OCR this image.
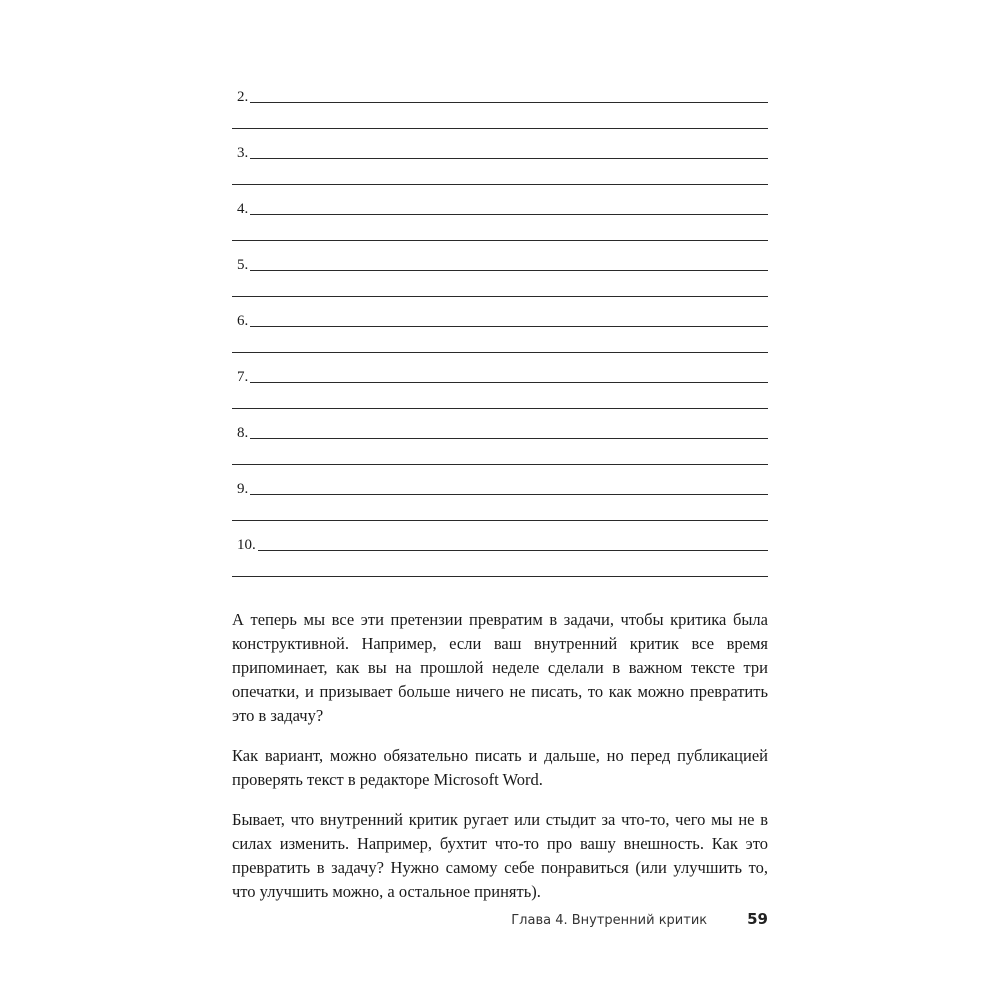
2.
3.
4.
5.
6.
7.
8.
9.
10.

А теперь мы все эти претензии превратим в задачи, чтобы критика была конструктивной. Например, если ваш внутренний критик все время припоминает, как вы на прошлой неделе сделали в важном тексте три опечатки, и призывает больше ничего не писать, то как можно превратить это в задачу?

Как вариант, можно обязательно писать и дальше, но перед публикацией проверять текст в редакторе Microsoft Word.

Бывает, что внутренний критик ругает или стыдит за что-то, чего мы не в силах изменить. Например, бухтит что-то про вашу внешность. Как это превратить в задачу? Нужно самому себе понравиться (или улучшить то, что улучшить можно, а остальное принять).

Глава 4. Внутренний критик	59
